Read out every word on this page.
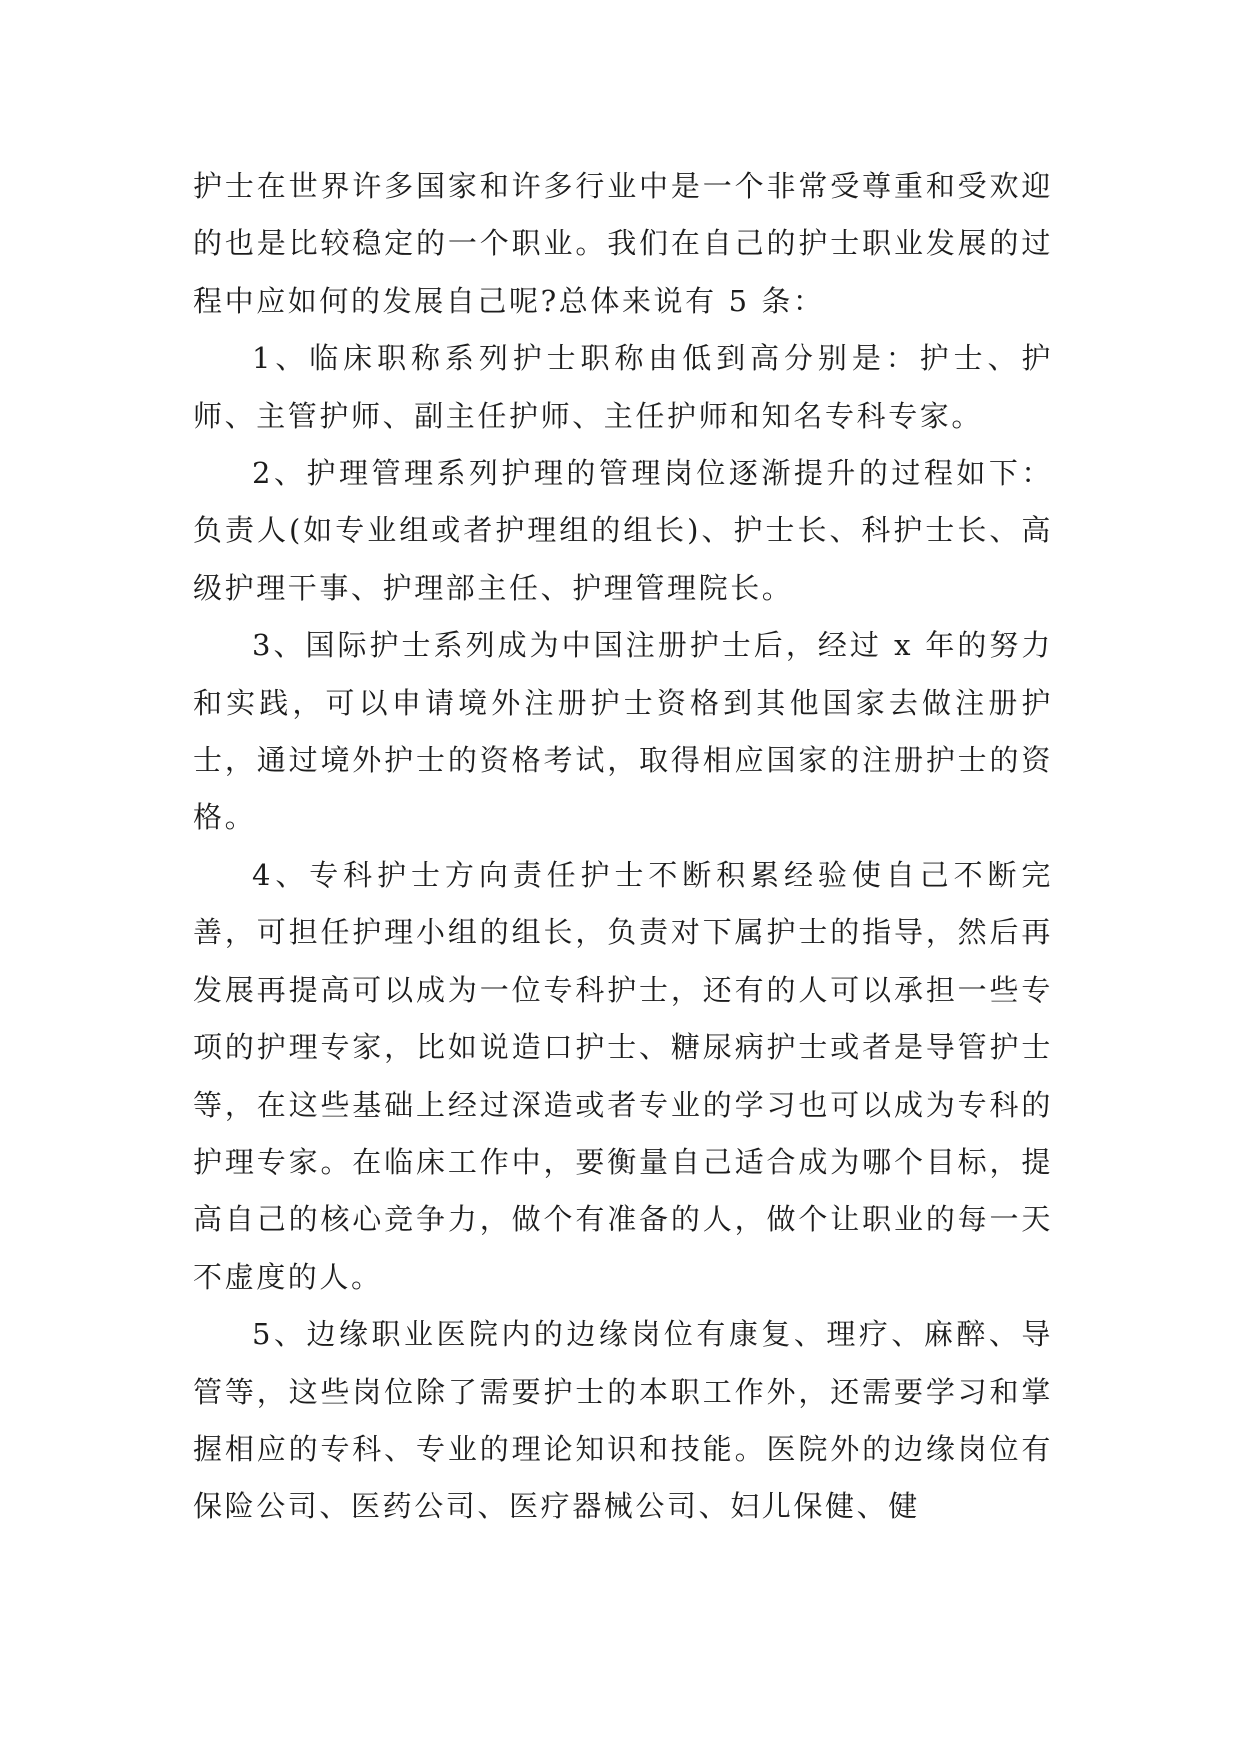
护士在世界许多国家和许多行业中是一个非常受尊重和受欢迎的也是比较稳定的一个职业。我们在自己的护士职业发展的过程中应如何的发展自己呢?总体来说有 5 条：

1、临床职称系列护士职称由低到高分别是：护士、护师、主管护师、副主任护师、主任护师和知名专科专家。

2、护理管理系列护理的管理岗位逐渐提升的过程如下：负责人(如专业组或者护理组的组长)、护士长、科护士长、高级护理干事、护理部主任、护理管理院长。

3、国际护士系列成为中国注册护士后，经过 x 年的努力和实践，可以申请境外注册护士资格到其他国家去做注册护士，通过境外护士的资格考试，取得相应国家的注册护士的资格。

4、专科护士方向责任护士不断积累经验使自己不断完善，可担任护理小组的组长，负责对下属护士的指导，然后再发展再提高可以成为一位专科护士，还有的人可以承担一些专项的护理专家，比如说造口护士、糖尿病护士或者是导管护士等，在这些基础上经过深造或者专业的学习也可以成为专科的护理专家。在临床工作中，要衡量自己适合成为哪个目标，提高自己的核心竞争力，做个有准备的人，做个让职业的每一天不虚度的人。

5、边缘职业医院内的边缘岗位有康复、理疗、麻醉、导管等，这些岗位除了需要护士的本职工作外，还需要学习和掌握相应的专科、专业的理论知识和技能。医院外的边缘岗位有保险公司、医药公司、医疗器械公司、妇儿保健、健
